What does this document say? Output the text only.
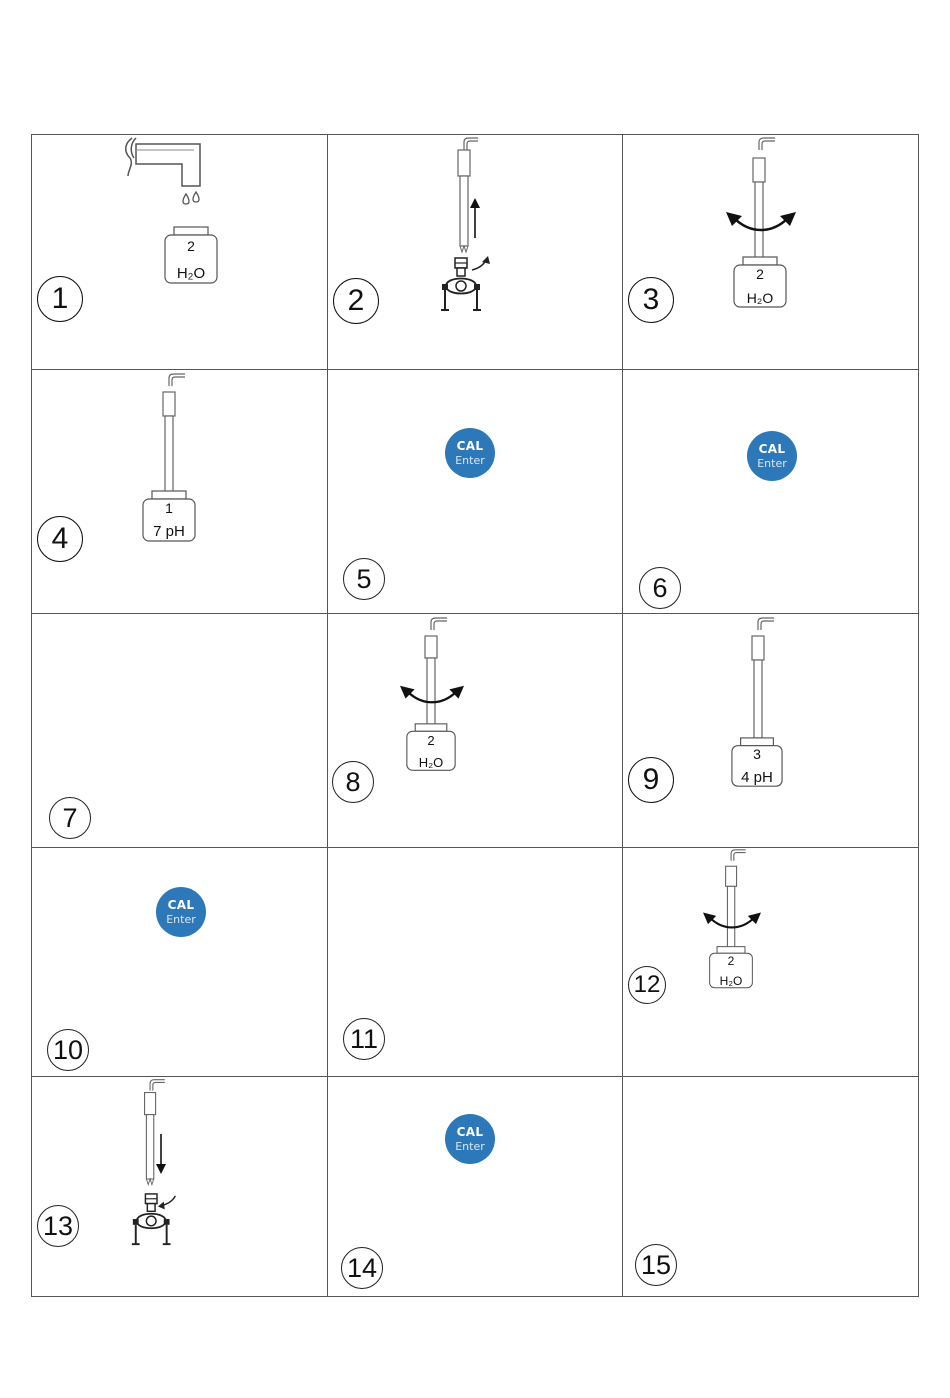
2
H₂O
1	2
2
H₂O
3
1
7 pH
4
CAL
Enter
5
CAL
Enter
6
7
2
H₂O
8
3
4 pH
9
CAL
Enter
10	11
2
H₂O
12
13
CAL
Enter
14	15
